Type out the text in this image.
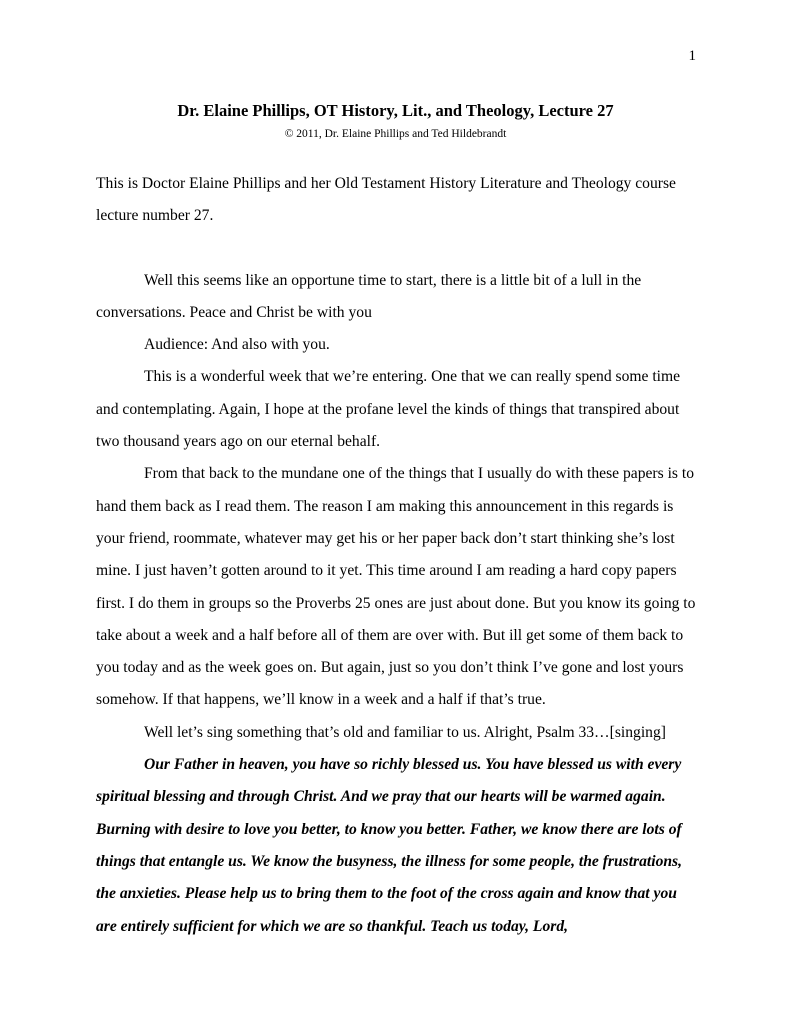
1
Dr. Elaine Phillips, OT History, Lit., and Theology, Lecture 27
© 2011, Dr. Elaine Phillips and Ted Hildebrandt

This is Doctor Elaine Phillips and her Old Testament History Literature and Theology course lecture number 27.

Well this seems like an opportune time to start, there is a little bit of a lull in the conversations. Peace and Christ be with you

Audience: And also with you.

This is a wonderful week that we’re entering. One that we can really spend some time and contemplating. Again, I hope at the profane level the kinds of things that transpired about two thousand years ago on our eternal behalf.

From that back to the mundane one of the things that I usually do with these papers is to hand them back as I read them. The reason I am making this announcement in this regards is your friend, roommate, whatever may get his or her paper back don’t start thinking she’s lost mine. I just haven’t gotten around to it yet. This time around I am reading a hard copy papers first. I do them in groups so the Proverbs 25 ones are just about done. But you know its going to take about a week and a half before all of them are over with. But ill get some of them back to you today and as the week goes on. But again, just so you don’t think I’ve gone and lost yours somehow. If that happens, we’ll know in a week and a half if that’s true.

Well let’s sing something that’s old and familiar to us. Alright, Psalm 33…[singing]

Our Father in heaven, you have so richly blessed us. You have blessed us with every spiritual blessing and through Christ. And we pray that our hearts will be warmed again. Burning with desire to love you better, to know you better. Father, we know there are lots of things that entangle us. We know the busyness, the illness for some people, the frustrations, the anxieties. Please help us to bring them to the foot of the cross again and know that you are entirely sufficient for which we are so thankful. Teach us today, Lord,
